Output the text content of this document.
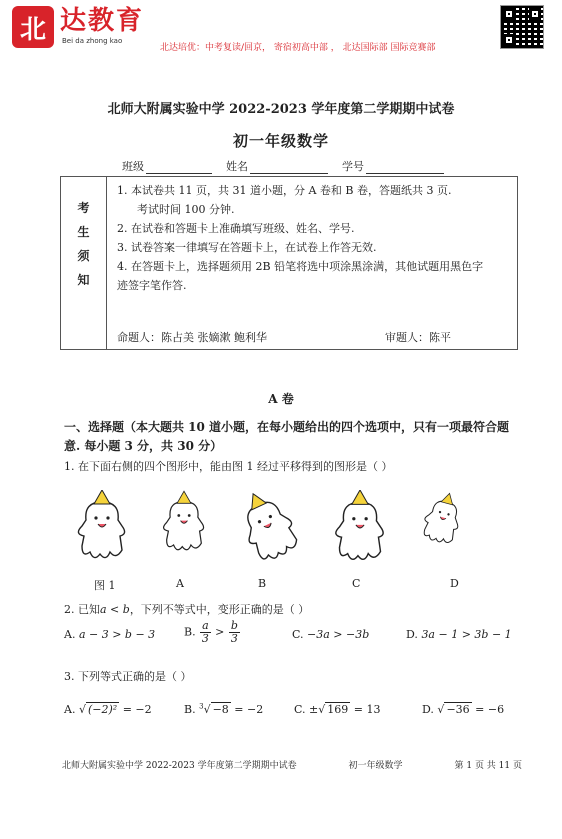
北 达教育
Bei da zhong kao
北达培优：中考复读/回京， 寄宿初高中部 ， 北达国际部 国际竞赛部
北师大附属实验中学 2022-2023 学年度第二学期期中试卷
初一年级数学
班级	姓名	学号
考
生
须
知
1. 本试卷共 11 页，共 31 道小题，分 A 卷和 B 卷，答题纸共 3 页.
考试时间 100 分钟.
2. 在试卷和答题卡上准确填写班级、姓名、学号.
3. 试卷答案一律填写在答题卡上，在试卷上作答无效.
4. 在答题卡上，选择题须用 2B 铅笔将选中项涂黑涂满，其他试题用黑色字
迹签字笔作答.
命题人：陈占美 张嫡漱 鲍利华	审题人：陈平
A 卷
一、选择题（本大题共 10 道小题，在每小题给出的四个选项中，只有一项最符合题意. 每小题 3 分，共 30 分）
1. 在下面右侧的四个图形中，能由图 1 经过平移得到的图形是（ ）
图 1	A	B	C	D
2. 已知a < b，下列不等式中，变形正确的是（ ）
A. a − 3 > b − 3	B. $\frac{a}{3} > \frac{b}{3}$	C. −3a > −3b	D. 3a − 1 > 3b − 1
3. 下列等式正确的是（ ）
A. √ (−2)² = −2	B. $^3$√ −8 = −2	C. ±√ 169 = 13	D. √ −36 = −6
北师大附属实验中学 2022-2023 学年度第二学期期中试卷	初一年级数学	第 1 页 共 11 页
